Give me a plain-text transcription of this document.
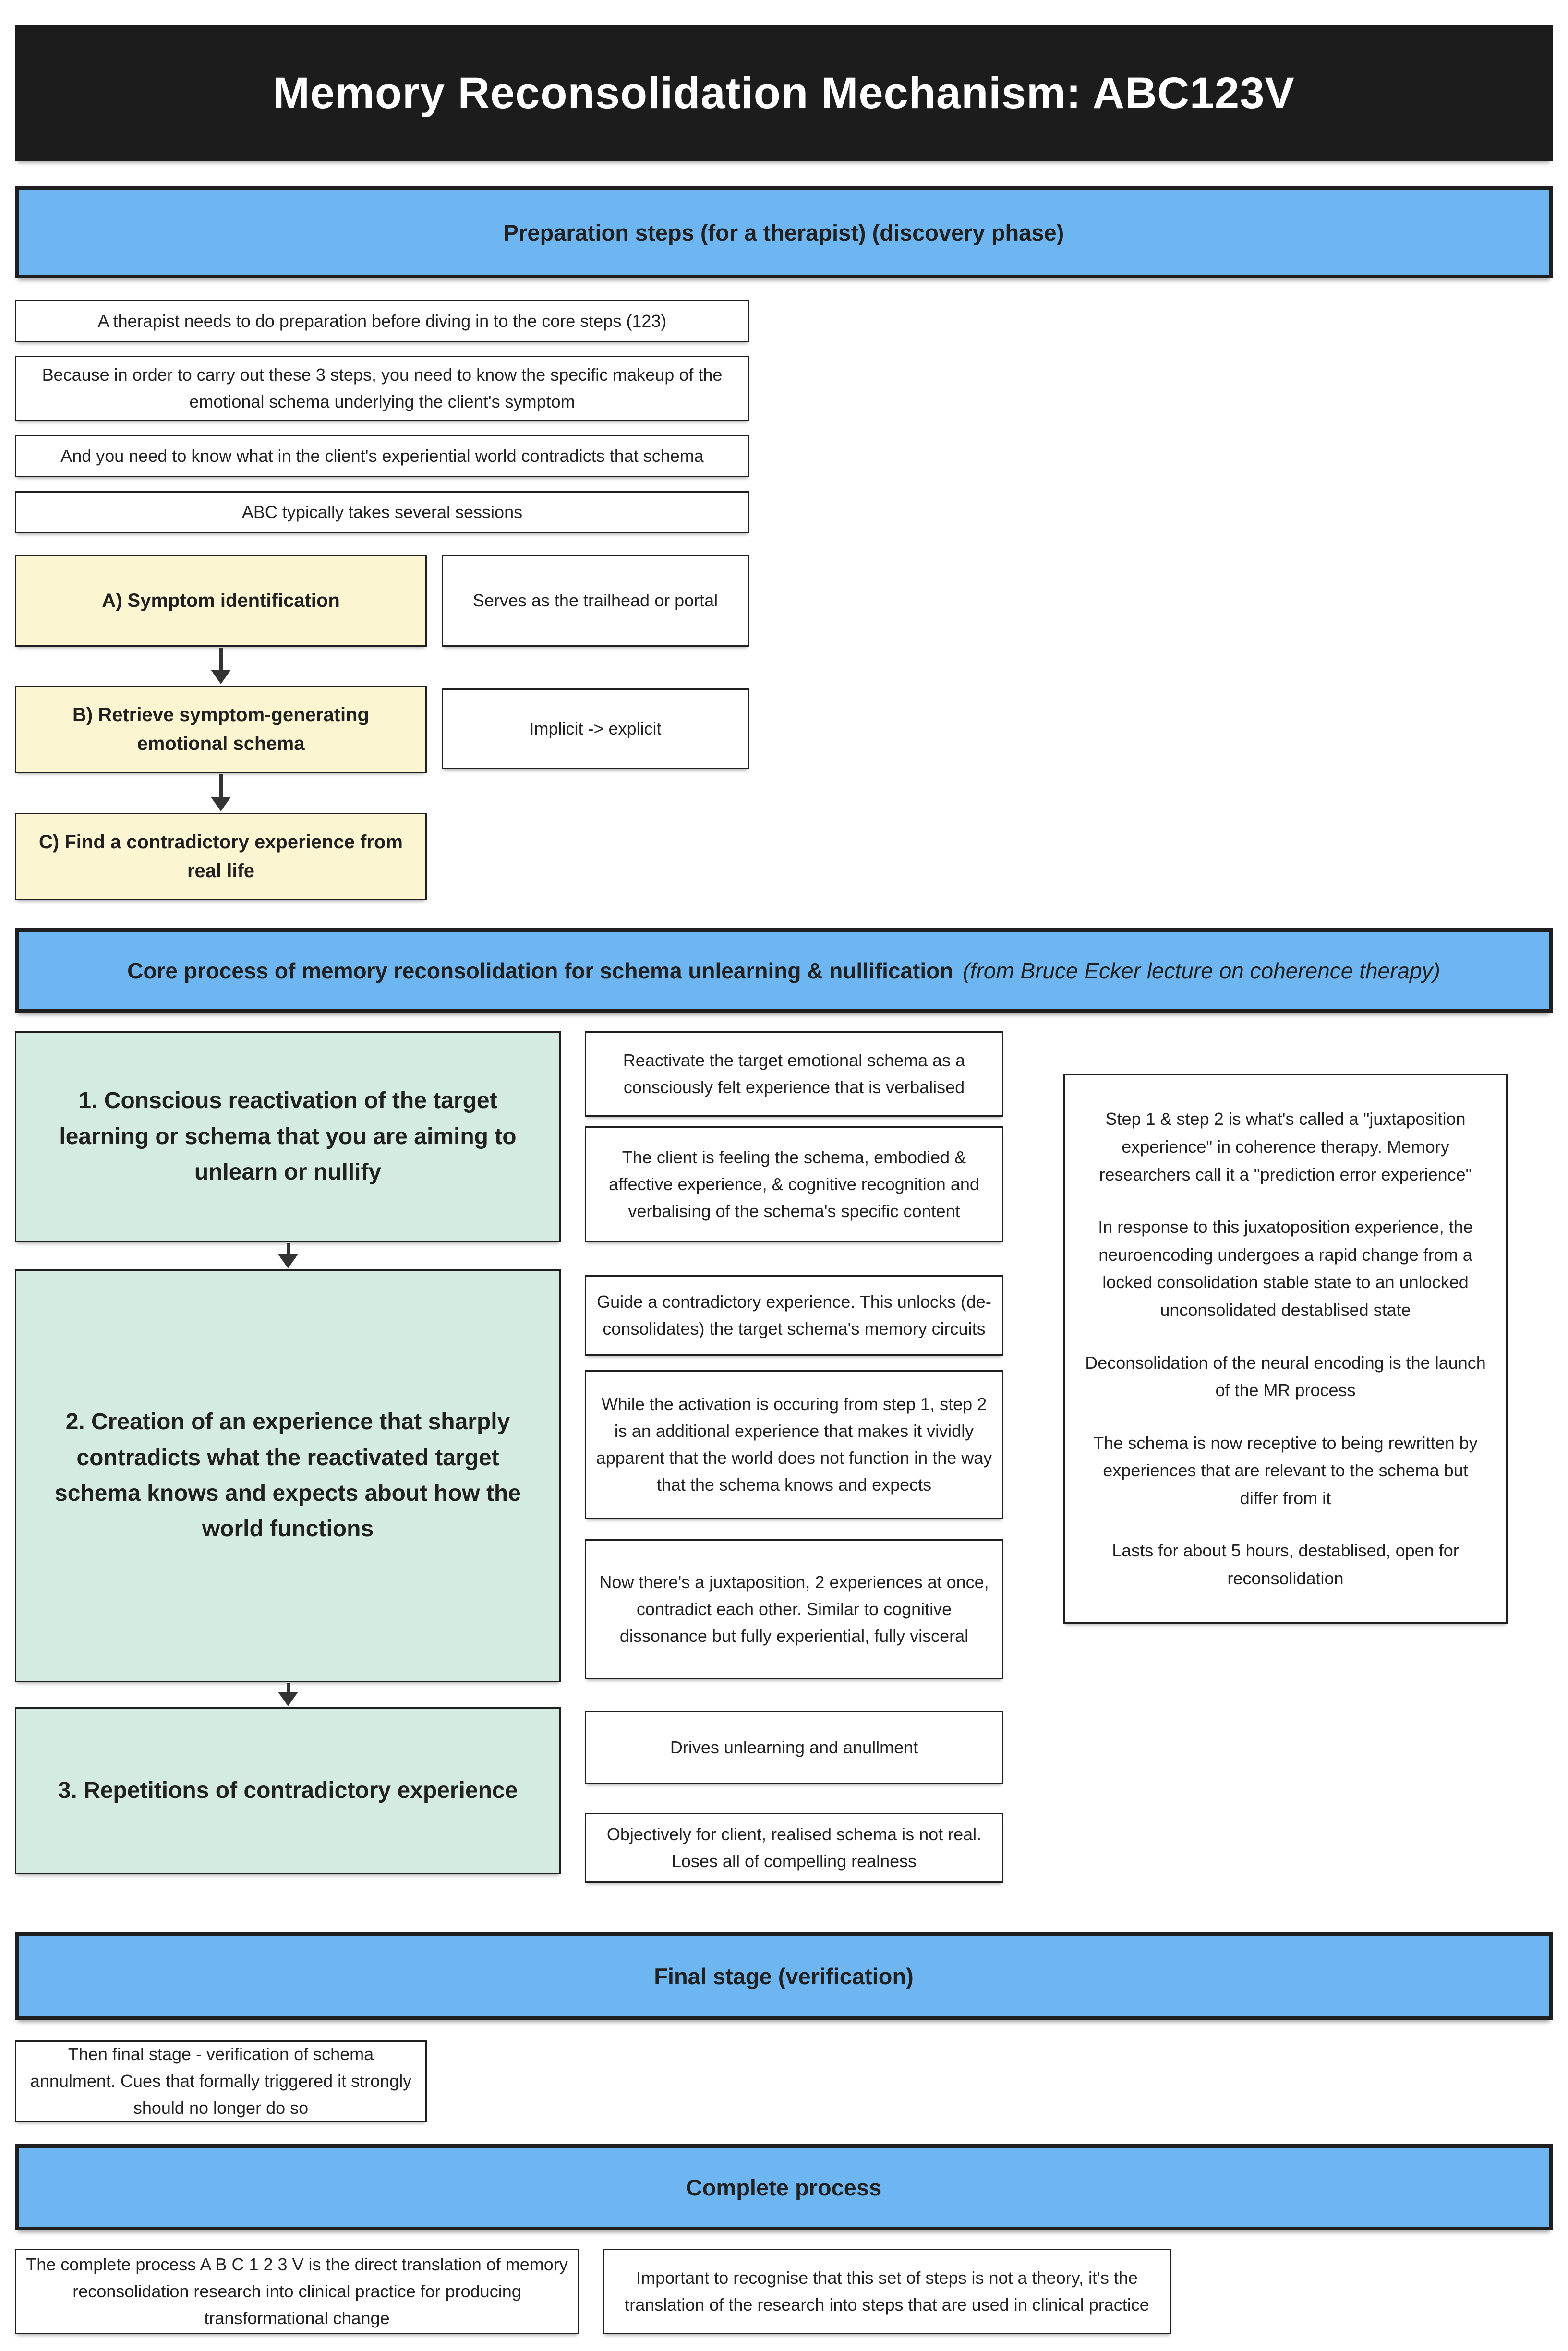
Memory Reconsolidation Mechanism: ABC123V
Preparation steps (for a therapist) (discovery phase)
A therapist needs to do preparation before diving in to the core steps (123)
Because in order to carry out these 3 steps, you need to know the specific makeup of the emotional schema underlying the client's symptom
And you need to know what in the client's experiential world contradicts that schema
ABC typically takes several sessions
A) Symptom identification	Serves as the trailhead or portal
B) Retrieve symptom-generating emotional schema
Implicit -> explicit
C) Find a contradictory experience from real life
Core process of memory reconsolidation for schema unlearning & nullification (from Bruce Ecker lecture on coherence therapy)
1. Conscious reactivation of the target learning or schema that you are aiming to unlearn or nullify
Reactivate the target emotional schema as a consciously felt experience that is verbalised
The client is feeling the schema, embodied & affective experience, & cognitive recognition and verbalising of the schema's specific content

Step 1 & step 2 is what's called a "juxtaposition experience" in coherence therapy. Memory researchers call it a "prediction error experience"

In response to this juxatoposition experience, the neuroencoding undergoes a rapid change from a locked consolidation stable state to an unlocked unconsolidated destablised state

Deconsolidation of the neural encoding is the launch of the MR process

The schema is now receptive to being rewritten by experiences that are relevant to the schema but differ from it

Lasts for about 5 hours, destablised, open for reconsolidation

2. Creation of an experience that sharply contradicts what the reactivated target schema knows and expects about how the world functions
Guide a contradictory experience. This unlocks (de-consolidates) the target schema's memory circuits
While the activation is occuring from step 1, step 2 is an additional experience that makes it vividly apparent that the world does not function in the way that the schema knows and expects
Now there's a juxtaposition, 2 experiences at once, contradict each other. Similar to cognitive dissonance but fully experiential, fully visceral
3. Repetitions of contradictory experience
Drives unlearning and anullment
Objectively for client, realised schema is not real. Loses all of compelling realness
Final stage (verification)
Then final stage - verification of schema annulment. Cues that formally triggered it strongly should no longer do so
Complete process
The complete process A B C 1 2 3 V is the direct translation of memory reconsolidation research into clinical practice for producing transformational change
Important to recognise that this set of steps is not a theory, it's the translation of the research into steps that are used in clinical practice
